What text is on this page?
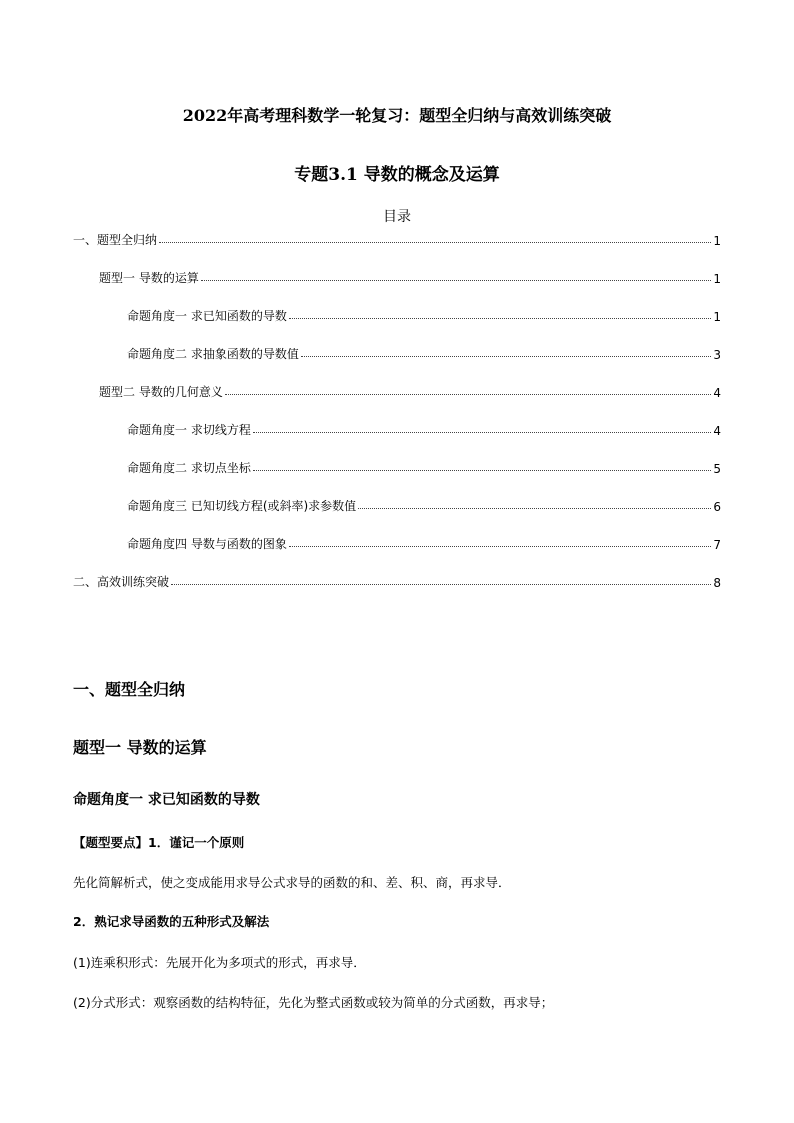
2022年高考理科数学一轮复习：题型全归纳与高效训练突破
专题3.1 导数的概念及运算
目录
一、题型全归纳	1
题型一 导数的运算	1
命题角度一 求已知函数的导数	1
命题角度二 求抽象函数的导数值	3
题型二 导数的几何意义	4
命题角度一 求切线方程	4
命题角度二 求切点坐标	5
命题角度三 已知切线方程(或斜率)求参数值	6
命题角度四 导数与函数的图象	7
二、高效训练突破	8
一、题型全归纳
题型一 导数的运算
命题角度一 求已知函数的导数
【题型要点】1．谨记一个原则
先化简解析式，使之变成能用求导公式求导的函数的和、差、积、商，再求导．
2．熟记求导函数的五种形式及解法
(1)连乘积形式：先展开化为多项式的形式，再求导．
(2)分式形式：观察函数的结构特征，先化为整式函数或较为简单的分式函数，再求导；
